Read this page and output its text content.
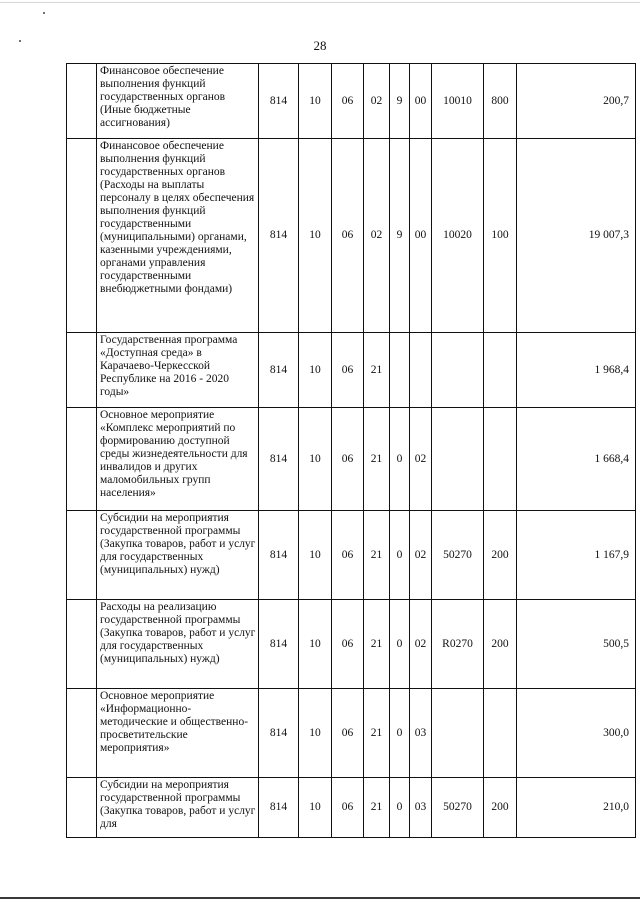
28
	Финансовое обеспечение выполнения функций государственных органов (Иные бюджетные ассигнования)	814	10	06	02	9	00	10010	800	200,7
	Финансовое обеспечение выполнения функций государственных органов (Расходы на выплаты персоналу в целях обеспечения выполнения функций государственными (муниципальными) органами, казенными учреждениями, органами управления государственными внебюджетными фондами)	814	10	06	02	9	00	10020	100	19 007,3
	Государственная программа «Доступная среда» в Карачаево-Черкесской Республике на 2016 - 2020 годы»	814	10	06	21					1 968,4
	Основное мероприятие «Комплекс мероприятий по формированию доступной среды жизнедеятельности для инвалидов и других маломобильных групп населения»	814	10	06	21	0	02			1 668,4
	Субсидии на мероприятия государственной программы (Закупка товаров, работ и услуг для государственных (муниципальных) нужд)	814	10	06	21	0	02	50270	200	1 167,9
	Расходы на реализацию государственной программы (Закупка товаров, работ и услуг для государственных (муниципальных) нужд)	814	10	06	21	0	02	R0270	200	500,5
	Основное мероприятие «Информационно-методические и общественно-просветительские мероприятия»	814	10	06	21	0	03			300,0
	Субсидии на мероприятия государственной программы (Закупка товаров, работ и услуг для	814	10	06	21	0	03	50270	200	210,0
